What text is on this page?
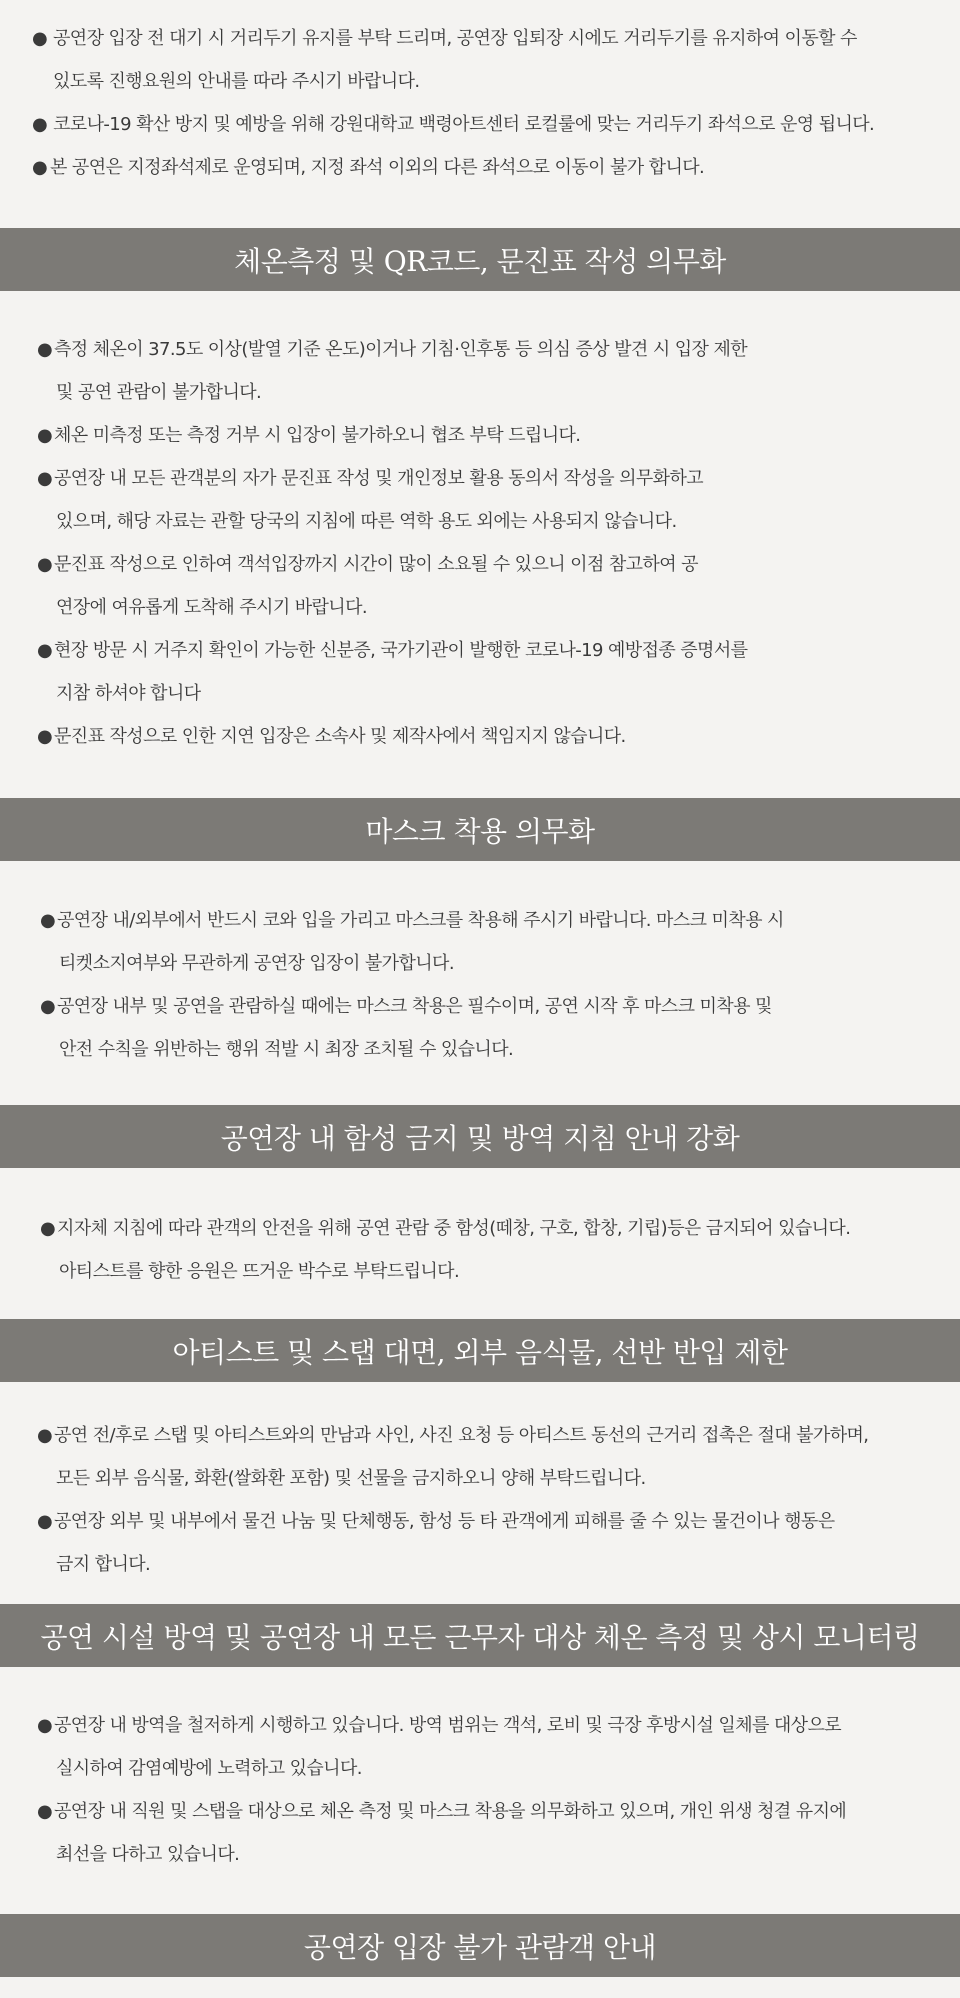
● 공연장 입장 전 대기 시 거리두기 유지를 부탁 드리며, 공연장 입퇴장 시에도 거리두기를 유지하여 이동할 수
있도록 진행요원의 안내를 따라 주시기 바랍니다.
● 코로나-19 확산 방지 및 예방을 위해 강원대학교 백령아트센터 로컬룰에 맞는 거리두기 좌석으로 운영 됩니다.
● 본 공연은 지정좌석제로 운영되며, 지정 좌석 이외의 다른 좌석으로 이동이 불가 합니다.
체온측정 및 QR코드, 문진표 작성 의무화
● 측정 체온이 37.5도 이상(발열 기준 온도)이거나 기침·인후통 등 의심 증상 발견 시 입장 제한
및 공연 관람이 불가합니다.
● 체온 미측정 또는 측정 거부 시 입장이 불가하오니 협조 부탁 드립니다.
● 공연장 내 모든 관객분의 자가 문진표 작성 및 개인정보 활용 동의서 작성을 의무화하고
있으며, 해당 자료는 관할 당국의 지침에 따른 역학 용도 외에는 사용되지 않습니다.
● 문진표 작성으로 인하여 객석입장까지 시간이 많이 소요될 수 있으니 이점 참고하여 공
연장에 여유롭게 도착해 주시기 바랍니다.
● 현장 방문 시 거주지 확인이 가능한 신분증, 국가기관이 발행한 코로나-19 예방접종 증명서를
지참 하셔야 합니다
● 문진표 작성으로 인한 지연 입장은 소속사 및 제작사에서 책임지지 않습니다.
마스크 착용 의무화
● 공연장 내/외부에서 반드시 코와 입을 가리고 마스크를 착용해 주시기 바랍니다. 마스크 미착용 시
티켓소지여부와 무관하게 공연장 입장이 불가합니다.
● 공연장 내부 및 공연을 관람하실 때에는 마스크 착용은 필수이며, 공연 시작 후 마스크 미착용 및
안전 수칙을 위반하는 행위 적발 시 최장 조치될 수 있습니다.
공연장 내 함성 금지 및 방역 지침 안내 강화
● 지자체 지침에 따라 관객의 안전을 위해 공연 관람 중 함성(떼창, 구호, 합창, 기립)등은 금지되어 있습니다.
아티스트를 향한 응원은 뜨거운 박수로 부탁드립니다.
아티스트 및 스탭 대면, 외부 음식물, 선반 반입 제한
● 공연 전/후로 스탭 및 아티스트와의 만남과 사인, 사진 요청 등 아티스트 동선의 근거리 접촉은 절대 불가하며,
모든 외부 음식물, 화환(쌀화환 포함) 및 선물을 금지하오니 양해 부탁드립니다.
● 공연장 외부 및 내부에서 물건 나눔 및 단체행동, 함성 등 타 관객에게 피해를 줄 수 있는 물건이나 행동은
금지 합니다.
공연 시설 방역 및 공연장 내 모든 근무자 대상 체온 측정 및 상시 모니터링
● 공연장 내 방역을 철저하게 시행하고 있습니다. 방역 범위는 객석, 로비 및 극장 후방시설 일체를 대상으로
실시하여 감염예방에 노력하고 있습니다.
● 공연장 내 직원 및 스탭을 대상으로 체온 측정 및 마스크 착용을 의무화하고 있으며, 개인 위생 청결 유지에
최선을 다하고 있습니다.
공연장 입장 불가 관람객 안내
